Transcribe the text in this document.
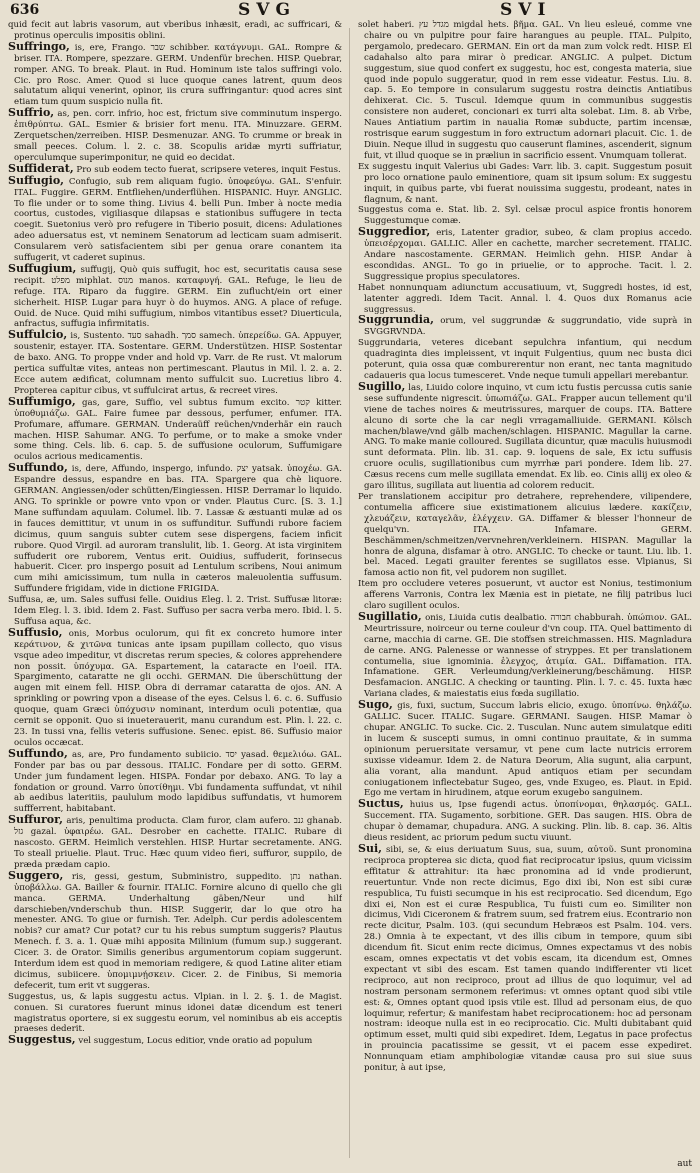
636	SVG	SVI

quid fecit aut labris vasorum, aut vberibus inhæsit, eradi, ac suffricari, & protinus operculis impositis oblini.

Suffringo, is, ere, Frango. שבר schibber. κατάγνυμι. GAL. Rompre & briser. ITA. Rompere, spezzare. GERM. Undenfür brechen. HISP. Quebrar, romper. ANG. To break. Plaut. in Rud. Hominum iste talos suffringi volo. Cic. pro Rosc. Amer. Quod si luce quoque canes latrent, quum deos salutatum aliqui venerint, opinor, iis crura suffringantur: quod acres sint etiam tum quum suspicio nulla fit.

Suffrio, as, pen. corr. infrio, hoc est, frictum sive comminutum inspergo. ἐπιθρύπτω. GAL. Esmier & brisier fort menu. ITA. Minuzzare. GERM. Zerquetschen/zerreiben. HISP. Desmenuzar. ANG. To crumme or break in small peeces. Colum. l. 2. c. 38. Scopulis aridæ myrti suffriatur, operculumque superimponitur, ne quid eo decidat.

Suffiderat, Pro sub eodem tecto fuerat, scripsere veteres, inquit Festus.

Suffugio, Confugio, sub rem aliquam fugio. ὑποφεύγω. GAL. S'enfuir. ITAL. Fuggire. GERM. Entfliehen/underflühen. HISPANIC. Huyr. ANGLIC. To flie under or to some thing. Livius 4. belli Pun. Imber à nocte media coortus, custodes, vigiliasque dilapsas e stationibus suffugere in tecta coegit. Suetonius verò pro refugere in Tiberio posuit, dicens: Adulationes adeo aduersatus est, vt neminem Senatorum ad lecticam suam admiserit. Consularem verò satisfacientem sibi per genua orare conantem ita suffugerit, vt caderet supinus.

Suffugium, suffugij, Quò quis suffugit, hoc est, securitatis causa sese recipit. מפלט miphlat. מנוס manos. καταφυγή. GAL. Refuge, le lieu de refuge. ITA. Riparo da fuggire. GERM. Ein zuflucht/ein ort einer sicherheit. HISP. Lugar para huyr ò do huymos. ANG. A place of refuge. Ouid. de Nuce. Quid mihi suffugium, nimbos vitantibus esset? Diuerticula, anfractus, suffugia infirmitatis.

Suffulcio, is, Sustento. סעד sahadh. סמך samech. ὑπερείδω. GA. Appuyer, soustenir, estayer. ITA. Sostentare. GERM. Understützen. HISP. Sostentar de baxo. ANG. To proppe vnder and hold vp. Varr. de Re rust. Vt malorum pertica suffultæ vites, anteas non pertimescant. Plautus in Mil. l. 2. a. 2. Ecce autem ædificat, columnam mento suffulcit suo. Lucretius libro 4. Propterea capitur cibus, vt suffulcirat artus, & recreet vires.

Suffumigo, gas, gare, Suffio, vel subtus fumum excito. קטר kitter. ὑποθυμιάζω. GAL. Faire fumee par dessous, perfumer, enfumer. ITA. Profumare, affumare. GERMAN. Underaüff reüchen/vnderhär ein rauch machen. HISP. Sahumar. ANG. To perfume, or to make a smoke vnder some thing. Cels. lib. 6. cap. 5. de suffusione oculorum, Suffumigare oculos acrious medicamentis.

Suffundo, is, dere, Affundo, inspergo, infundo. יצק yatsak. ὑποχέω. GA. Espandre dessus, espandre en bas. ITA. Spargere qua chè liquore. GERMAN. Angiessen/oder schütten/Eingiessen. HISP. Derramar lo liquido. ANG. To sprinkle or powre vnto vpon or vnder. Plautus Curc. [S. 3. 1.] Mane suffundam aquulam. Columel. lib. 7. Lassæ & æstuanti mulæ ad os in fauces demittitur, vt unum in os suffunditur. Suffundi rubore faciem dicimus, quum sanguis subter cutem sese dispergens, faciem inficit rubore. Quod Virgil. ad auroram translulit, lib. 1. Georg. At ista virginitem suffuderit ore ruborem, Ventus erit. Ouidius, suffuderit, forinsecus habuerit. Cicer. pro inspergo posuit ad Lentulum scribens, Noui animum cum mihi amicissimum, tum nulla in cæteros maleuolentia suffusum. Suffundere frigidam, vide in dictione FRIGIDA.

Suffusa, æ, um. Sales suffusi felle. Ouidius Eleg. l. 2. Trist. Suffusæ litoræ: Idem Eleg. l. 3. ibid. Idem 2. Fast. Suffuso per sacra verba mero. Ibid. l. 5. Suffusa aqua, &c.

Suffusio, onis, Morbus oculorum, qui fit ex concreto humore inter κεράτινον, & χιτῶνα tunicas ante ipsam pupillam collecto, quo visus vsque adeo impeditur, vt discretas rerum species, & colores apprehendere non possit. ὑπόχυμα. GA. Espartement, la cataracte en l'oeil. ITA. Spargimento, cataratte ne gli occhi. GERMAN. Die überschüttung der augen mit einem fell. HISP. Obra di derramar cataratta de ojos. AN. A sprinkling or powring vpon a disease of the eyes. Celsus l. 6. c. 6. Suffusio quoque, quam Græci ὑπόχυσιν nominant, interdum oculi potentiæ, qua cernit se opponit. Quo si inueterauerit, manu curandum est. Plin. l. 22. c. 23. In tussi vna, fellis veteris suffusione. Senec. epist. 86. Suffusio maior oculos occæcat.

Suffundo, as, are, Pro fundamento subiicio. יסד yasad. θεμελιόω. GAL. Fonder par bas ou par dessous. ITALIC. Fondare per di sotto. GERM. Under jum fundament legen. HISPA. Fondar por debaxo. ANG. To lay a fondation or ground. Varro ὑποτίθημι. Vbi fundamenta suffundat, vt nihil ab aedibus lateritiis, paululum modo lapidibus suffundatis, vt humorem suffferrent, habitabant.

Suffuror, aris, penultima producta. Clam furor, clam aufero. גנב ghanab. גזל gazal. ὑφαιρέω. GAL. Desrober en cachette. ITALIC. Rubare di nascosto. GERM. Heimlich verstehlen. HISP. Hurtar secretamente. ANG. To steall priuelie. Plaut. Truc. Hæc quum video fieri, suffuror, suppilo, de præda prædam capio.

Suggero, ris, gessi, gestum, Subministro, suppedito. נתן nathan. ὑποβάλλω. GA. Bailler & fournir. ITALIC. Fornire alcuno di quello che gli manca. GERMA. Underhaltung gäben/Neur und hilf darschieben/vnderschub thun. HISP. Suggerir, dar lo que otro ha menester. ANG. To giue or furnish. Ter. Adelph. Cur perdis adolescentem nobis? cur amat? Cur potat? cur tu his rebus sumptum suggeris? Plautus Menech. f. 3. a. 1. Quæ mihi apposita Milinium (fumum sup.) suggerant. Cicer. 3. de Orator. Similis generibus argumentorum copiam suggerunt. Interdum idem est quod in memoriam redigere, & quod Latine aliter etiam dicimus, subiicere. ὑπομιμνῄσκειν. Cicer. 2. de Finibus, Si memoria defecerit, tum erit vt suggeras.

Suggestus, us, & lapis suggestu actus. Vlpian. in l. 2. §. 1. de Magist. conuen. Si curatores fuerunt minus idonei datæ dicendum est teneri magistratus oportere, si ex suggestu eorum, vel nominibus ab eis acceptis praeses dederit.

Suggestus, vel suggestum, Locus editior, vnde oratio ad populum

solet haberi. מגדל עץ migdal hets. βῆμα. GAL. Vn lieu esleué, comme vne chaire ou vn pulpitre pour faire harangues au peuple. ITAL. Pulpito, pergamolo, predecaro. GERMAN. Ein ort da man zum volck redt. HISP. El cadahalso alto para mirar ò predicar. ANGLIC. A pulpet. Dictum suggestum, siue quod confert ex suggestu, hoc est, congesta materia, siue quod inde populo suggeratur, quod in rem esse videatur. Festus. Liu. 8. cap. 5. Eo tempore in consularum suggestu rostra deinctis Antiatibus dehixerat. Cic. 5. Tuscul. Idemque quum in communibus suggestis consistere non auderet, concionari ex turri alta solebat. Lim. 8. ab Vrbe, Naues Antiatium partim in naualia Romæ subducte, partim incensæ, rostrisque earum suggestum in foro extructum adornari placuit. Cic. 1. de Diuin. Neque illud in suggestu quo causerunt flamines, ascenderit, signum fuit, vt illud quoque se in præliun in sacrificio essent. Vnumquam tollerat.

Ex suggestu inquit Valerius ubi Gades: Varr. lib. 3. capit. Suggestum posuit pro loco ornatione paulo eminentiore, quam sit ipsum solum: Ex suggestu inquit, in quibus parte, vbi fuerat nouissima suggestu, prodeant, nates in flagnum, & nant.

Suggestus coma e. Stat. lib. 2. Syl. celsæ procul aspice frontis honorem Suggestumque comæ.

Suggredior, eris, Latenter gradior, subeo, & clam propius accedo. ὑπεισέρχομαι. GALLIC. Aller en cachette, marcher secretement. ITALIC. Andare nascostamente. GERMAN. Heimlich gehn. HISP. Andar à escondidas. ANGL. To go in priuelie, or to approche. Tacit. l. 2. Suggressique propius speculatores.

Habet nonnunquam adiunctum accusatiuum, vt, Suggredi hostes, id est, latenter aggredi. Idem Tacit. Annal. l. 4. Quos dux Romanus acie suggressus.

Suggrundia, orum, vel suggrundæ & suggrundatio, vide suprà in SVGGRVNDA.

Suggrundaria, veteres dicebant sepulchra infantium, qui necdum quadraginta dies impleissent, vt inquit Fulgentius, quum nec busta dici poterunt, quia ossa quæ comburerentur non erant, nec tanta magnitudo cadaueris qua locus tumesceret. Vnde neque tumuli appellari merebantur.

Sugillo, las, Liuido colore inquino, vt cum ictu fustis percussa cutis sanie sese suffundente nigrescit. ὑπωπιάζω. GAL. Frapper aucun tellement qu'il viene de taches noires & meutrissures, marquer de coups. ITA. Battere alcuno di sorte che la car negli vrragamalliuide. GERMANI. Kölsch machen/blawe/vnd gälb machen/schlagen. HISPANIC. Magullar la carne. ANG. To make manie colloured. Sugillata dicuntur, quæ maculis huiusmodi sunt deformata. Plin. lib. 31. cap. 9. loquens de sale, Ex ictu suffusis cruore oculis, sugillationibus cum myrrhæ pari pondere. Idem lib. 27. Cæsus recens cum melle sugillata emendat. Ex lib. eo. Cinis allij ex oleo & garo illitus, sugillata aut liuentia ad colorem reducit.

Per translationem accipitur pro detrahere, reprehendere, vilipendere, contumelia afficere siue existimationem alicuius lædere. κακίζειν, χλευάζειν, καταγελᾶν, ἐλέγχειν. GA. Diffamer & blesser l'honneur de quelqu'vn. ITA. Infamare. GERM. Beschämmen/schmeitzen/vervnehren/verkleinern. HISPAN. Magullar la honra de alguna, disfamar à otro. ANGLIC. To checke or taunt. Liu. lib. 1. bel. Maced. Legati grauiter ferentes se sugillatos esse. Vlpianus, Si famosa actio non fit, vel pudorem non sugillet.

Item pro occludere veteres posuerunt, vt auctor est Nonius, testimonium afferens Varronis, Contra lex Mænia est in pietate, ne filij patribus luci claro sugillent oculos.

Sugillatio, onis, Liuida cutis dealbatio. חבורה chabburah. ὑπώπιον. GAL. Meurtrissure, noirceur ou terne couleur d'vn coup. ITA. Quel battimento di carne, macchia di carne. GE. Die stoffsen streichmassen. HIS. Magnladura de carne. ANG. Palenesse or wannesse of stryppes. Et per translationem contumelia, siue ignominia. ἐλεγχος, ἀτιμία. GAL. Diffamation. ITA. Infamatione. GER. Verleumdung/verkleinerung/beschämung. HISP. Desfamacion. ANGLIC. A checking or taunting. Plin. l. 7. c. 45. Iuxta hæc Variana clades, & maiestatis eius fœda sugillatio.

Sugo, gis, fuxi, suctum, Succum labris elicio, exugo. ὑποπίνω. θηλάζω. GALLIC. Sucer. ITALIC. Sugare. GERMANI. Saugen. HISP. Mamar ò chupar. ANGLIC. To sucke. Cic. 2. Tusculan. Nunc autem simulatque editi in lucem & suscepti sumus, in omni continuo prauitate, & in summa opinionum peruersitate versamur, vt pene cum lacte nutricis errorem suxisse videamur. Idem 2. de Natura Deorum, Alia sugunt, alia carpunt, alia vorant, alia mandunt. Apud antiquos etiam per secundam coniugationem inflectebatur Sugeo, ges, vnde Exugeo, es. Plaut. in Epid. Ego me vertam in hirudinem, atque eorum exugebo sanguinem.

Suctus, huius us, Ipse fugendi actus. ὑποπίνομαι, θηλασμός. GALL. Succement. ITA. Sugamento, sorbitione. GER. Das saugen. HIS. Obra de chupar ò demamar, chupadura. ANG. A sucking. Plin. lib. 8. cap. 36. Altis dieus resident, ac priorum pedum suctu viuunt.

Sui, sibi, se, & eius deriuatum Suus, sua, suum, αὐτοῦ. Sunt pronomina reciproca propterea sic dicta, quod fiat reciprocatur ipsius, quum vicissim effitatur & attrahitur: ita hæc pronomina ad id vnde prodierunt, reuertuntur. Vnde non recte dicimus, Ego dixi ibi, Non est sibi curæ respublica, Tu fuisti secumque in his est reciprocatio. Sed dicendum, Ego dixi ei, Non est ei curæ Respublica, Tu fuisti cum eo. Similiter non dicimus, Vidi Ciceronem & fratrem suum, sed fratrem eius. Econtrario non recte dicitur, Psalm. 103. (qui secundum Hebræos est Psalm. 104. vers. 28.) Omnia à te expectant, vt des illis cibum in tempore, quum sibi dicendum fit. Sicut enim recte dicimus, Omnes expectamus vt des nobis escam, omnes expectatis vt det vobis escam, ita dicendum est, Omnes expectant vt sibi des escam. Est tamen quando indifferenter vti licet reciproco, aut non reciproco, prout ad illius de quo loquimur, vel ad nostram personam sermonem referimus: vt omnes optant quod sibi vtile est: &, Omnes optant quod ipsis vtile est. Illud ad personam eius, de quo loquimur, refertur; & manifestam habet reciprocationem: hoc ad personam nostram: ideoque nulla est in eo reciprocatio. Cic. Multi dubitabant quid optimum esset, multi quid sibi expediret. Idem, Legatus in pace profectus in prouincia pacatissime se gessit, vt ei pacem esse expediret. Nonnunquam etiam amphibologiæ vitandæ causa pro sui siue suus ponitur, à aut ipse,

aut
